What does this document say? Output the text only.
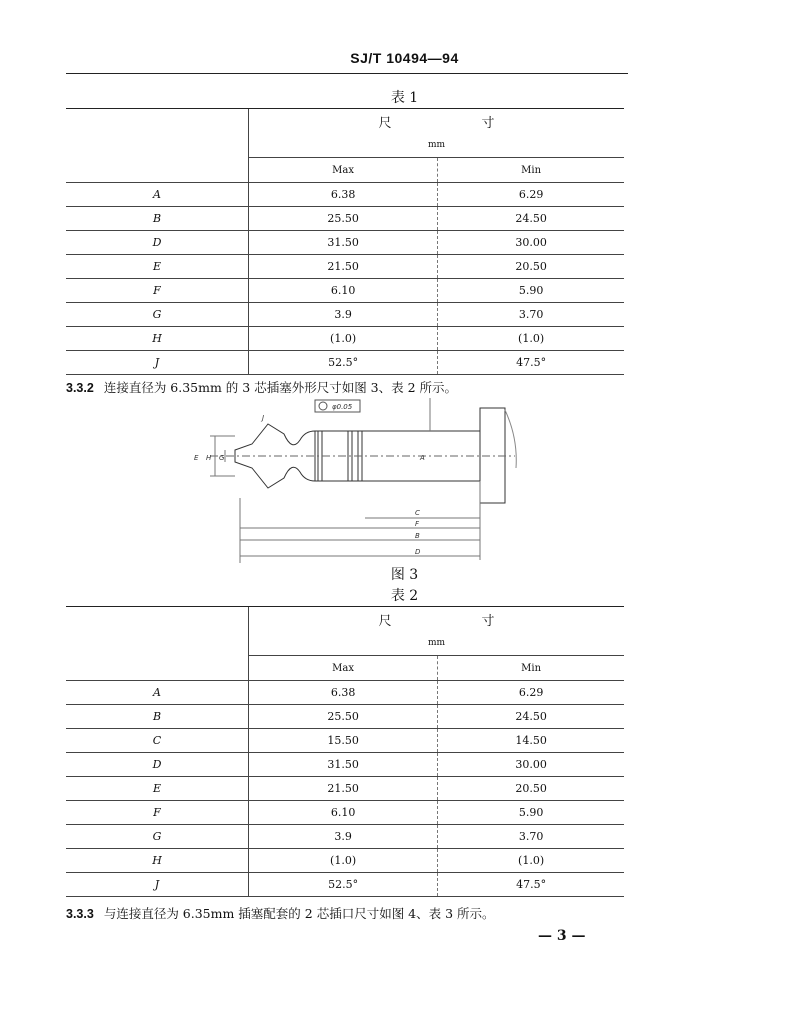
SJ/T 10494—94
表 1
	尺 寸	
	mm	
	Max	Min
A	6.38	6.29
B	25.50	24.50
D	31.50	30.00
E	21.50	20.50
F	6.10	5.90
G	3.9	3.70
H	(1.0)	(1.0)
J	52.5°	47.5°
3.3.2 连接直径为 6.35mm 的 3 芯插塞外形尺寸如图 3、表 2 所示。
φ0.05
J
E H	A
G
C
F
B
D
图 3
表 2
	尺 寸	
	mm	
	Max	Min
A	6.38	6.29
B	25.50	24.50
C	15.50	14.50
D	31.50	30.00
E	21.50	20.50
F	6.10	5.90
G	3.9	3.70
H	(1.0)	(1.0)
J	52.5°	47.5°
3.3.3 与连接直径为 6.35mm 插塞配套的 2 芯插口尺寸如图 4、表 3 所示。
— 3 —
